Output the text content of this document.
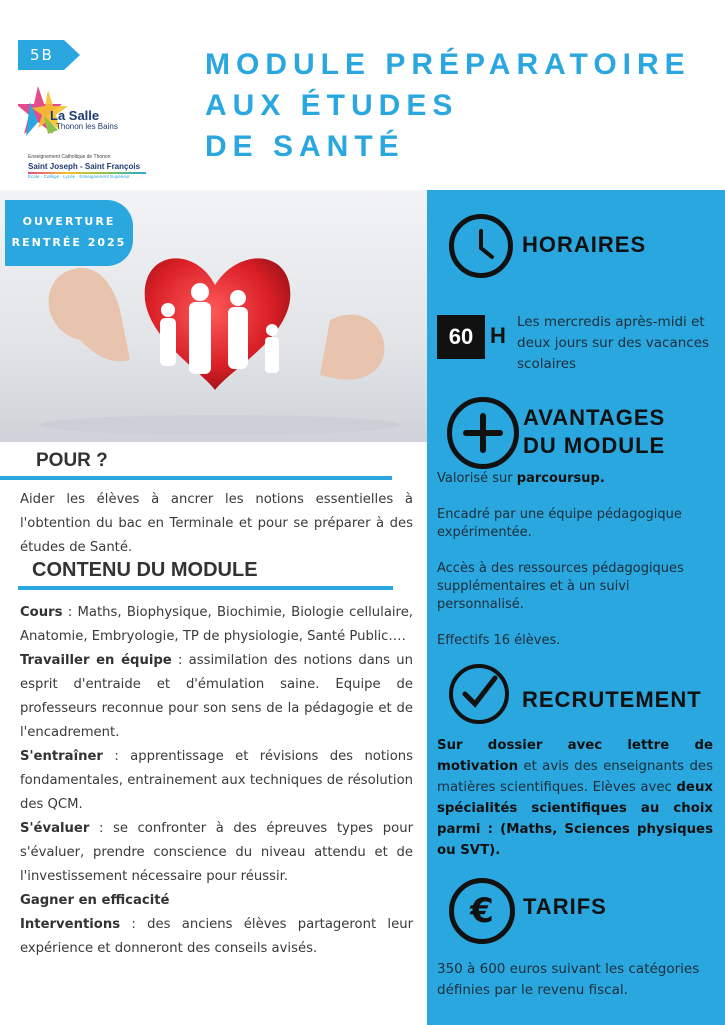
5B
La Salle
Thonon les Bains
Enseignement Catholique de Thonon
Saint Joseph - Saint François
École · Collège · Lycée · Enseignement Supérieur
MODULE PRÉPARATOIRE
AUX ÉTUDES
DE SANTÉ
OUVERTURE
RENTRÉE 2025
POUR ?
Aider les élèves à ancrer les notions essentielles à l'obtention du bac en Terminale et pour se préparer à des études de Santé.
CONTENU DU MODULE

Cours : Maths, Biophysique, Biochimie, Biologie cellulaire, Anatomie, Embryologie, TP de physiologie, Santé Public….

Travailler en équipe : assimilation des notions dans un esprit d'entraide et d'émulation saine. Equipe de professeurs reconnue pour son sens de la pédagogie et de l'encadrement.

S'entraîner : apprentissage et révisions des notions fondamentales, entrainement aux techniques de résolution des QCM.

S'évaluer : se confronter à des épreuves types pour s'évaluer, prendre conscience du niveau attendu et de l'investissement nécessaire pour réussir.

Gagner en efficacité

Interventions : des anciens élèves partageront leur expérience et donneront des conseils avisés.

HORAIRES
60 H
Les mercredis après-midi et deux jours sur des vacances scolaires
AVANTAGES
DU MODULE
Valorisé sur parcoursup.
Encadré par une équipe pédagogique expérimentée.
Accès à des ressources pédagogiques supplémentaires et à un suivi personnalisé.
Effectifs 16 élèves.
RECRUTEMENT
Sur dossier avec lettre de motivation et avis des enseignants des matières scientifiques. Elèves avec deux spécialités scientifiques au choix parmi : (Maths, Sciences physiques ou SVT).
€	TARIFS
350 à 600 euros suivant les catégories définies par le revenu fiscal.
